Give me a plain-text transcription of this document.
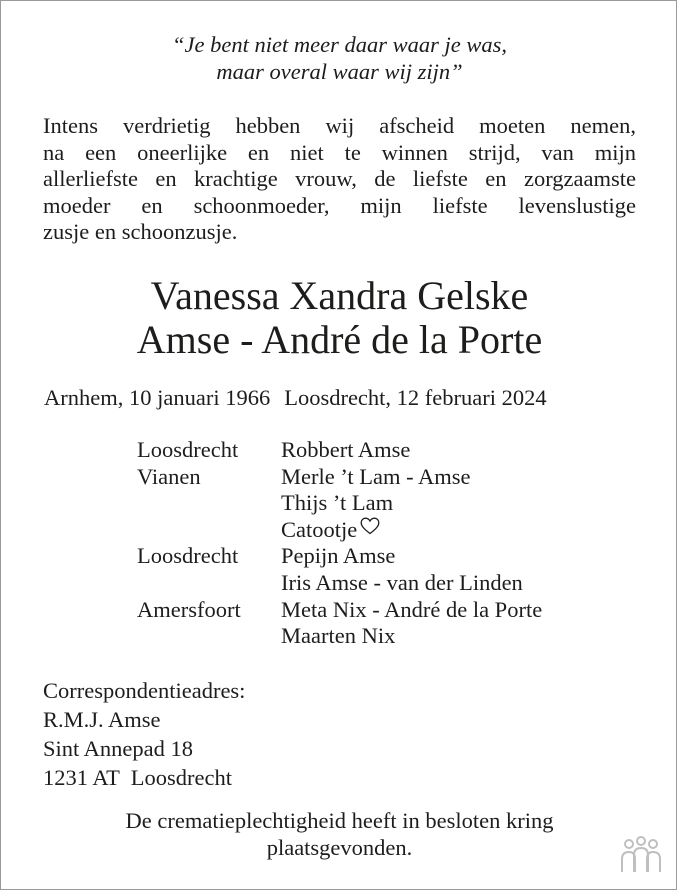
“Je bent niet meer daar waar je was,
maar overal waar wij zijn”
Intens verdrietig hebben wij afscheid moeten nemen,
na een oneerlijke en niet te winnen strijd, van mijn
allerliefste en krachtige vrouw, de liefste en zorgzaamste
moeder en schoonmoeder, mijn liefste levenslustige
zusje en schoonzusje.
Vanessa Xandra Gelske
Amse - André de la Porte
Arnhem, 10 januari 1966 Loosdrecht, 12 februari 2024
Loosdrecht	Robbert Amse
Vianen	Merle ’t Lam - Amse
Thijs ’t Lam
Catootje
Loosdrecht	Pepijn Amse
Iris Amse - van der Linden
Amersfoort	Meta Nix - André de la Porte
Maarten Nix
Correspondentieadres:
R.M.J. Amse
Sint Annepad 18
1231 AT  Loosdrecht
De crematieplechtigheid heeft in besloten kring
plaatsgevonden.
